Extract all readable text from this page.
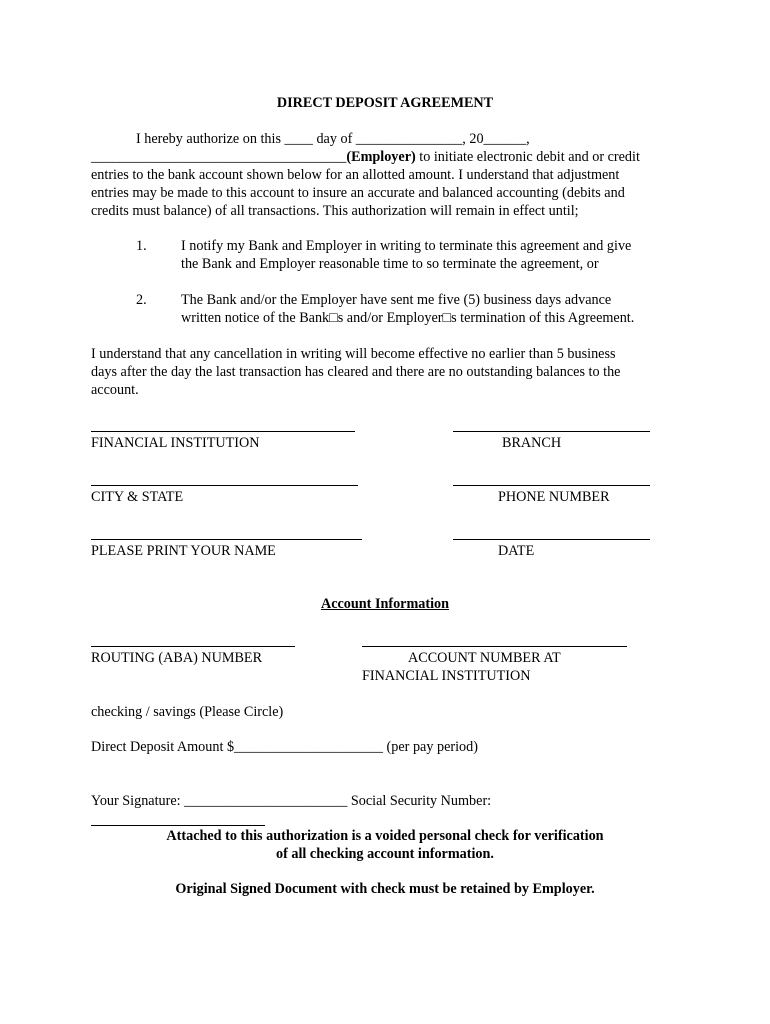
DIRECT DEPOSIT AGREEMENT
I hereby authorize on this ____ day of _______________, 20______,
____________________________________(Employer) to initiate electronic debit and or credit
entries to the bank account shown below for an allotted amount. I understand that adjustment
entries may be made to this account to insure an accurate and balanced accounting (debits and
credits must balance) of all transactions. This authorization will remain in effect until;
1. I notify my Bank and Employer in writing to terminate this agreement and give
the Bank and Employer reasonable time to so terminate the agreement, or
2. The Bank and/or the Employer have sent me five (5) business days advance
written notice of the Bank□s and/or Employer□s termination of this Agreement.
I understand that any cancellation in writing will become effective no earlier than 5 business
days after the day the last transaction has cleared and there are no outstanding balances to the
account.
FINANCIAL INSTITUTION	BRANCH
CITY & STATE	PHONE NUMBER
PLEASE PRINT YOUR NAME	DATE
Account Information
ROUTING (ABA) NUMBER	ACCOUNT NUMBER AT
FINANCIAL INSTITUTION
checking / savings (Please Circle)
Direct Deposit Amount $_____________________ (per pay period)
Your Signature: _______________________ Social Security Number:
Attached to this authorization is a voided personal check for verification
of all checking account information.
Original Signed Document with check must be retained by Employer.
